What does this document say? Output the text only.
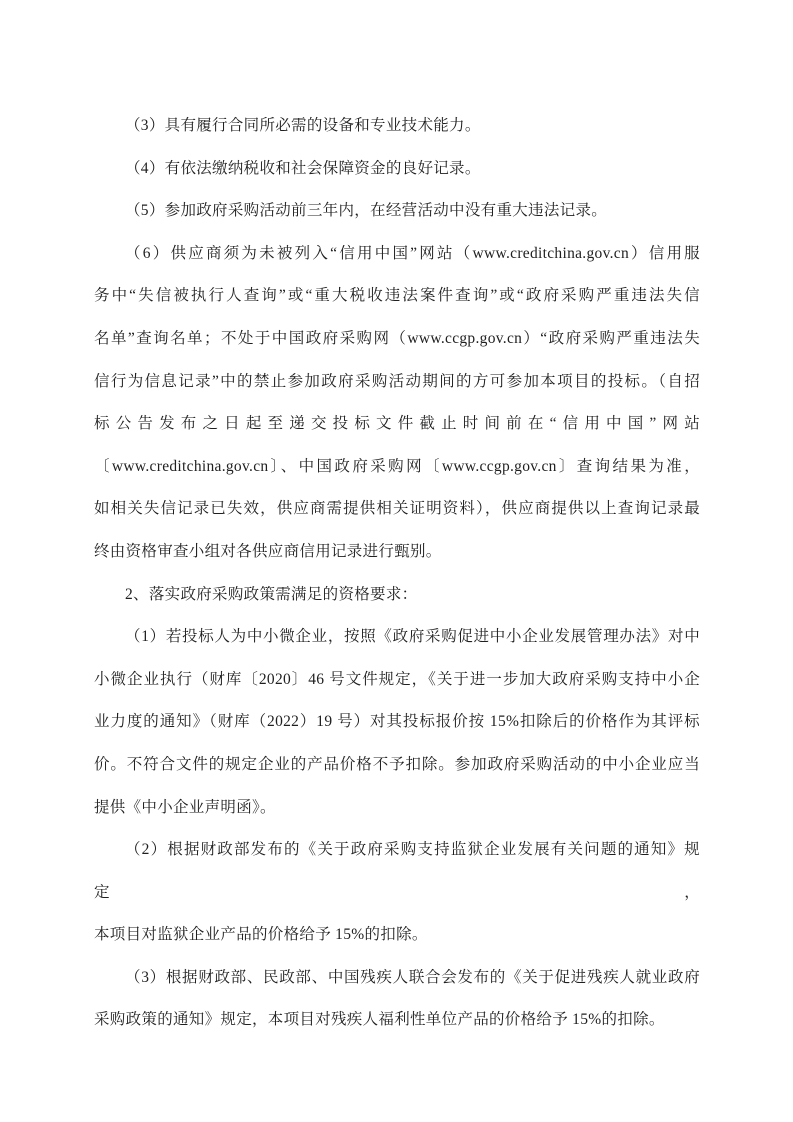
（3）具有履行合同所必需的设备和专业技术能力。
（4）有依法缴纳税收和社会保障资金的良好记录。
（5）参加政府采购活动前三年内，在经营活动中没有重大违法记录。
（6）供应商须为未被列入“信用中国”网站（www.creditchina.gov.cn）信用服
务中“失信被执行人查询”或“重大税收违法案件查询”或“政府采购严重违法失信
名单”查询名单；不处于中国政府采购网（www.ccgp.gov.cn）“政府采购严重违法失
信行为信息记录”中的禁止参加政府采购活动期间的方可参加本项目的投标。（自招
标公告发布之日起至递交投标文件截止时间前在“信用中国”网站
〔www.creditchina.gov.cn〕、中国政府采购网〔www.ccgp.gov.cn〕查询结果为准，
如相关失信记录已失效，供应商需提供相关证明资料），供应商提供以上查询记录最
终由资格审查小组对各供应商信用记录进行甄别。
2、落实政府采购政策需满足的资格要求：
（1）若投标人为中小微企业，按照《政府采购促进中小企业发展管理办法》对中
小微企业执行（财库〔2020〕46 号文件规定，《关于进一步加大政府采购支持中小企
业力度的通知》（财库（2022）19 号）对其投标报价按 15%扣除后的价格作为其评标
价。不符合文件的规定企业的产品价格不予扣除。参加政府采购活动的中小企业应当
提供《中小企业声明函》。
（2）根据财政部发布的《关于政府采购支持监狱企业发展有关问题的通知》规定，
本项目对监狱企业产品的价格给予 15%的扣除。
（3）根据财政部、民政部、中国残疾人联合会发布的《关于促进残疾人就业政府
采购政策的通知》规定，本项目对残疾人福利性单位产品的价格给予 15%的扣除。
